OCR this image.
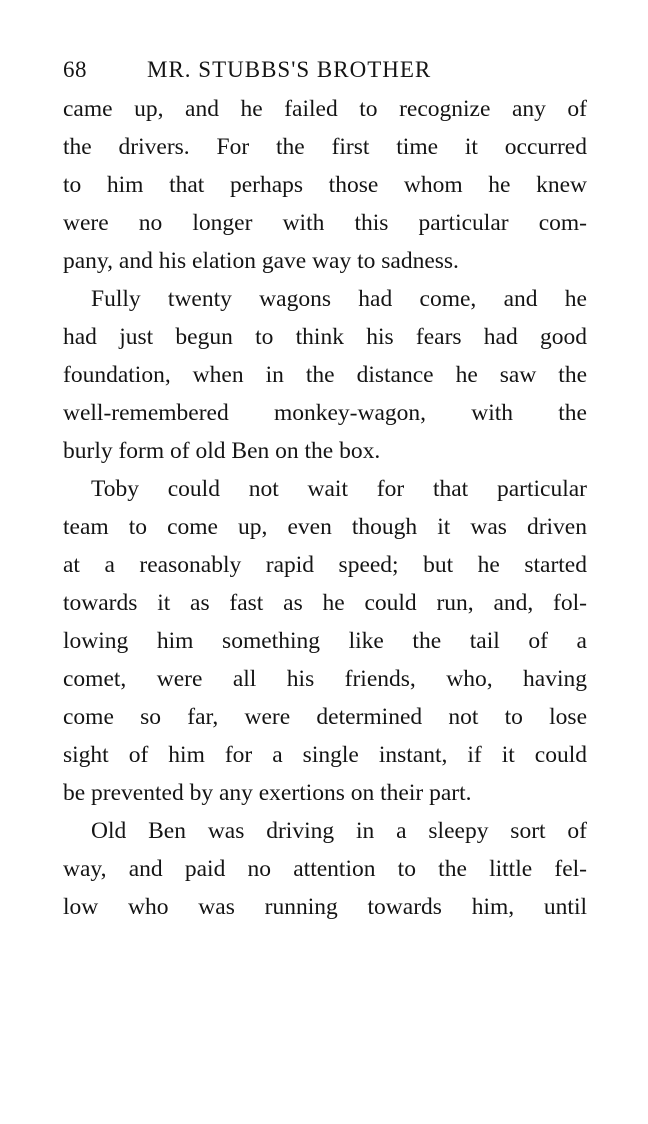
68	MR. STUBBS'S BROTHER

came up, and he failed to recognize any of
the drivers. For the first time it occurred
to him that perhaps those whom he knew
were no longer with this particular com-
pany, and his elation gave way to sadness.

Fully twenty wagons had come, and he
had just begun to think his fears had good
foundation, when in the distance he saw the
well-remembered monkey-wagon, with the
burly form of old Ben on the box.

Toby could not wait for that particular
team to come up, even though it was driven
at a reasonably rapid speed; but he started
towards it as fast as he could run, and, fol-
lowing him something like the tail of a
comet, were all his friends, who, having
come so far, were determined not to lose
sight of him for a single instant, if it could
be prevented by any exertions on their part.

Old Ben was driving in a sleepy sort of
way, and paid no attention to the little fel-
low who was running towards him, until
